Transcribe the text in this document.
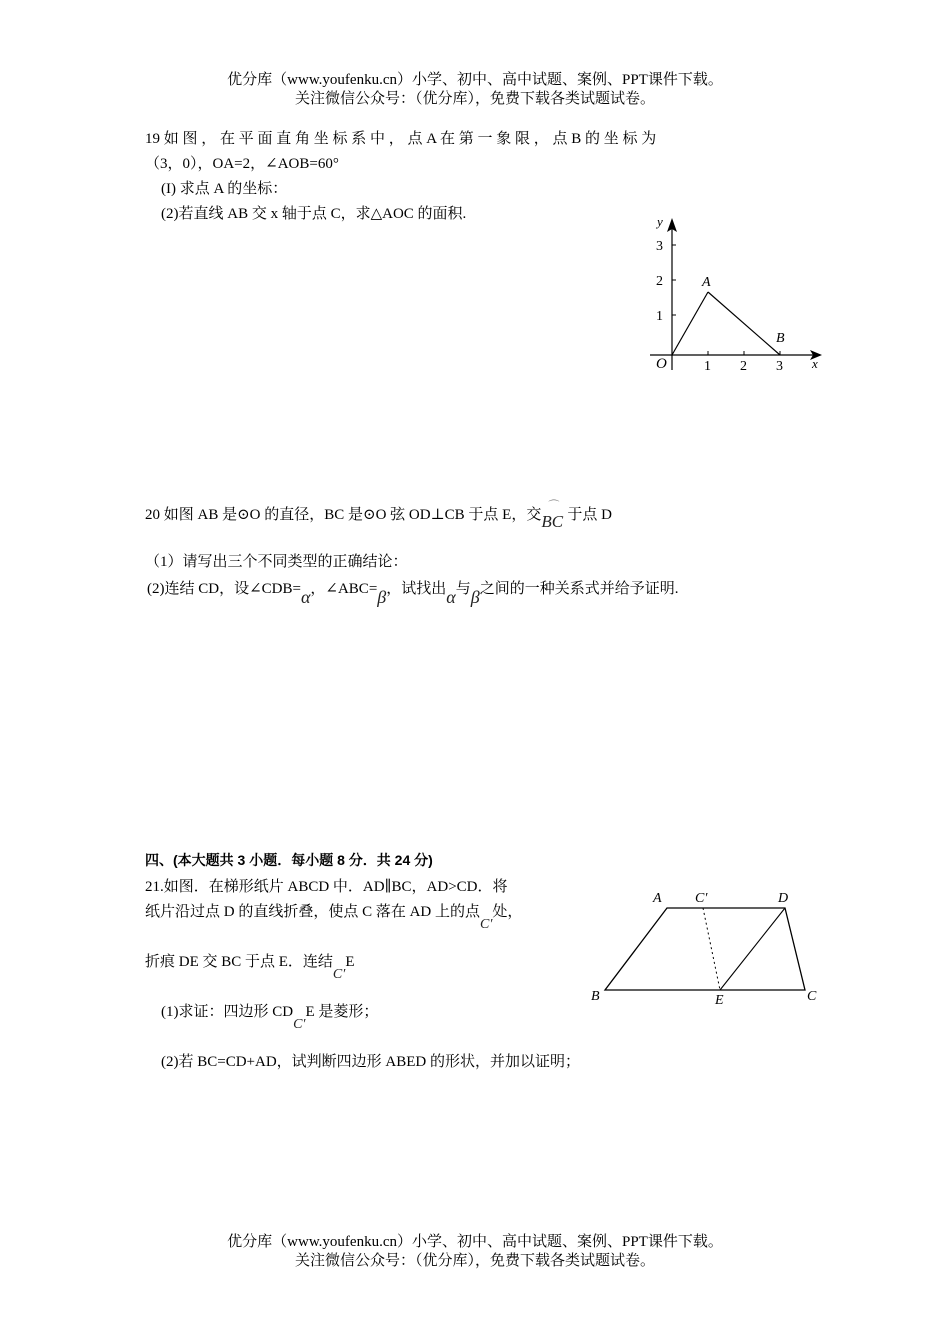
优分库（www.youfenku.cn）小学、初中、高中试题、案例、PPT课件下载。
关注微信公众号：（优分库），免费下载各类试题试卷。
19 如 图 ， 在 平 面 直 角 坐 标 系 中 ， 点 A 在 第 一 象 限 ， 点 B 的 坐 标 为
（3，0），OA=2，∠AOB=60°
(I) 求点 A 的坐标：
(2)若直线 AB 交 x 轴于点 C，求△AOC 的面积.
O	1 2 3
1
2
3
x
y
A
B
20 如图 AB 是⊙O 的直径，BC 是⊙O 弦 OD⊥CB 于点 E，交
⌒
BC 于点 D
（1）请写出三个不同类型的正确结论：
(2)连结 CD，设∠CDB=α，∠ABC=β，试找出α与β之间的一种关系式并给予证明.
四、(本大题共 3 小题．每小题 8 分．共 24 分)
21.如图．在梯形纸片 ABCD 中．AD∥BC，AD>CD．将
纸片沿过点 D 的直线折叠，使点 C 落在 AD 上的点C′处，
折痕 DE 交 BC 于点 E．连结C′E
(1)求证：四边形 CDC′E 是菱形；
(2)若 BC=CD+AD，试判断四边形 ABED 的形状，并加以证明；
A C′	D
B	E	C
优分库（www.youfenku.cn）小学、初中、高中试题、案例、PPT课件下载。
关注微信公众号：（优分库），免费下载各类试题试卷。
